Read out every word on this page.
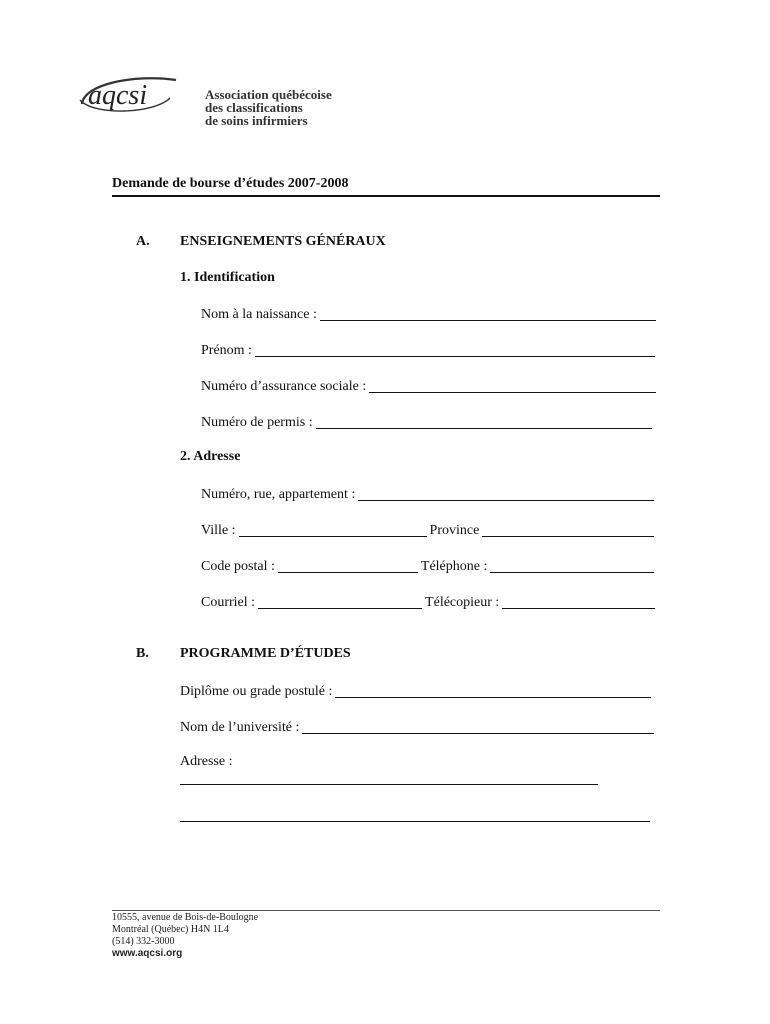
aqcsi	Association québécoise
des classifications
de soins infirmiers
Demande de bourse d’études 2007-2008
A. ENSEIGNEMENTS GÉNÉRAUX
1. Identification
Nom à la naissance :
Prénom :
Numéro d’assurance sociale :
Numéro de permis :
2. Adresse
Numéro, rue, appartement :
Ville :	Province
Code postal :	Téléphone :
Courriel :	Télécopieur :
B. PROGRAMME D’ÉTUDES
Diplôme ou grade postulé :
Nom de l’université :
Adresse :
10555, avenue de Bois-de-Boulogne
Montréal (Québec) H4N 1L4
(514) 332-3000
www.aqcsi.org
